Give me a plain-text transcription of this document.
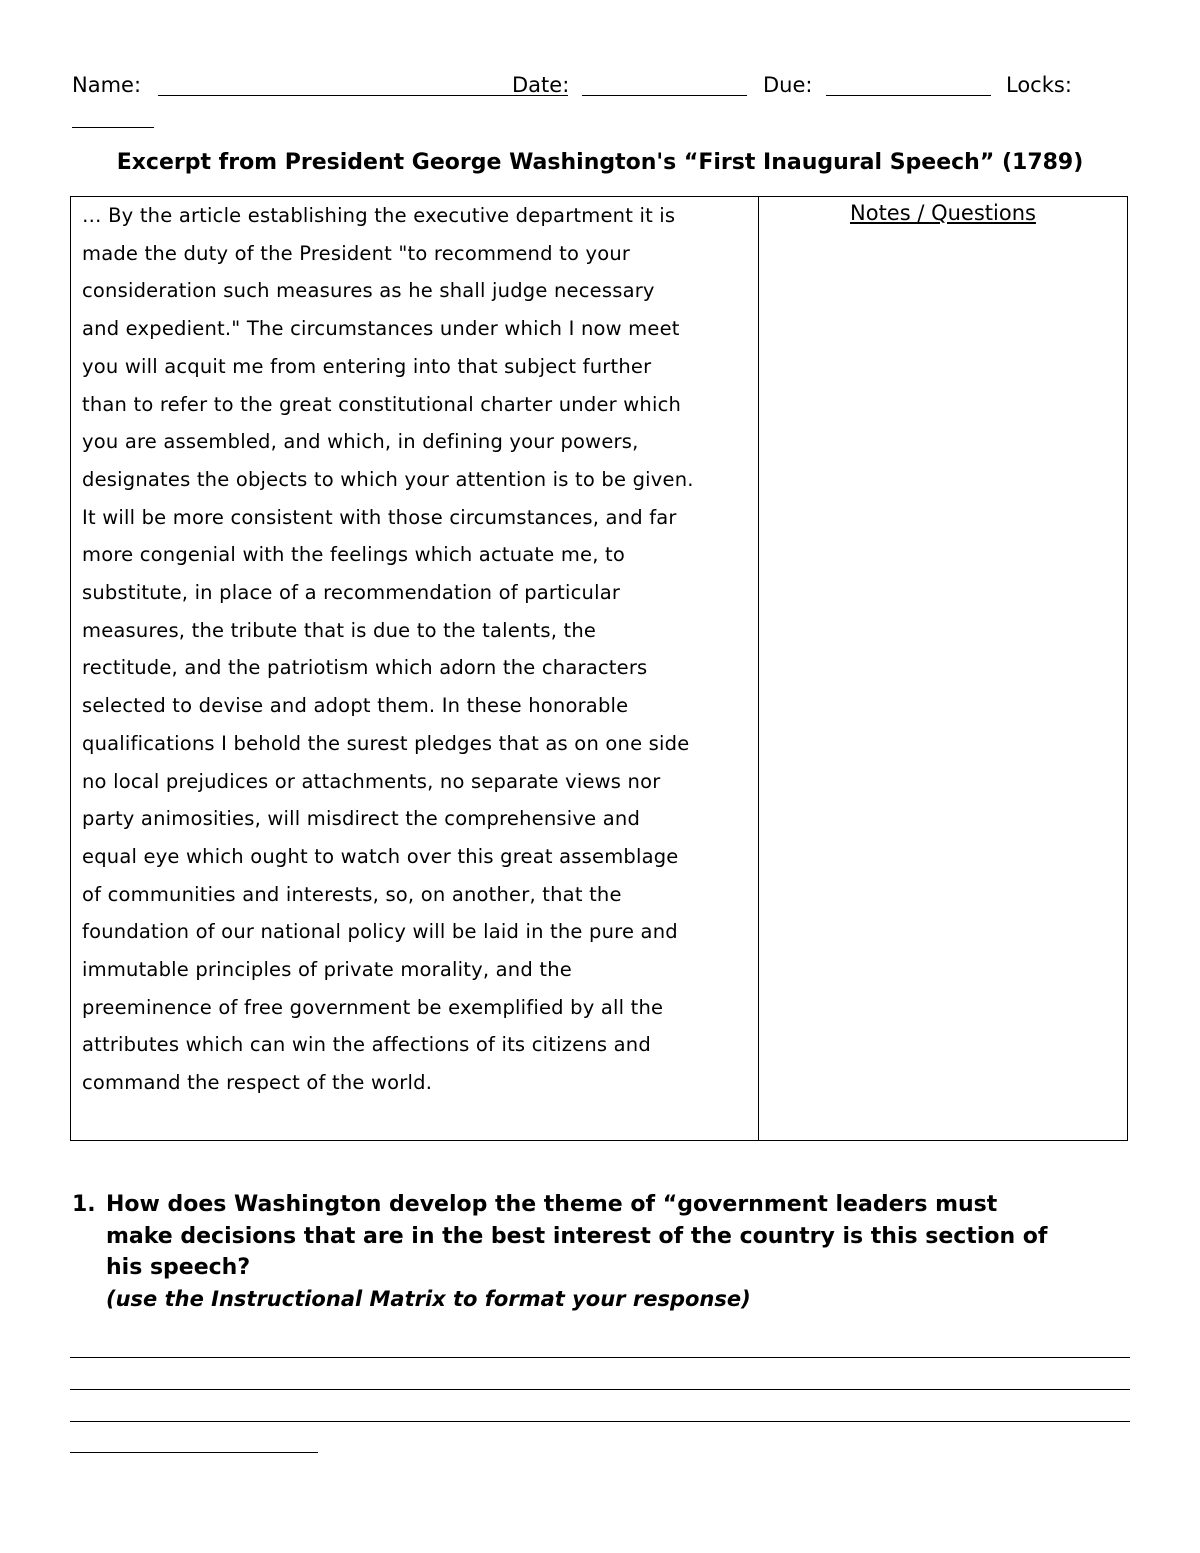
Name:	Date:	Due:	Locks:
Excerpt from President George Washington's “First Inaugural Speech” (1789)

… By the article establishing the executive department it is
made the duty of the President "to recommend to your
consideration such measures as he shall judge necessary
and expedient." The circumstances under which I now meet
you will acquit me from entering into that subject further
than to refer to the great constitutional charter under which
you are assembled, and which, in defining your powers,
designates the objects to which your attention is to be given.
It will be more consistent with those circumstances, and far
more congenial with the feelings which actuate me, to
substitute, in place of a recommendation of particular
measures, the tribute that is due to the talents, the
rectitude, and the patriotism which adorn the characters
selected to devise and adopt them. In these honorable
qualifications I behold the surest pledges that as on one side
no local prejudices or attachments, no separate views nor
party animosities, will misdirect the comprehensive and
equal eye which ought to watch over this great assemblage
of communities and interests, so, on another, that the
foundation of our national policy will be laid in the pure and
immutable principles of private morality, and the
preeminence of free government be exemplified by all the
attributes which can win the affections of its citizens and
command the respect of the world.

Notes / Questions
1. How does Washington develop the theme of “government leaders must
make decisions that are in the best interest of the country is this section of
his speech?
(use the Instructional Matrix to format your response)
